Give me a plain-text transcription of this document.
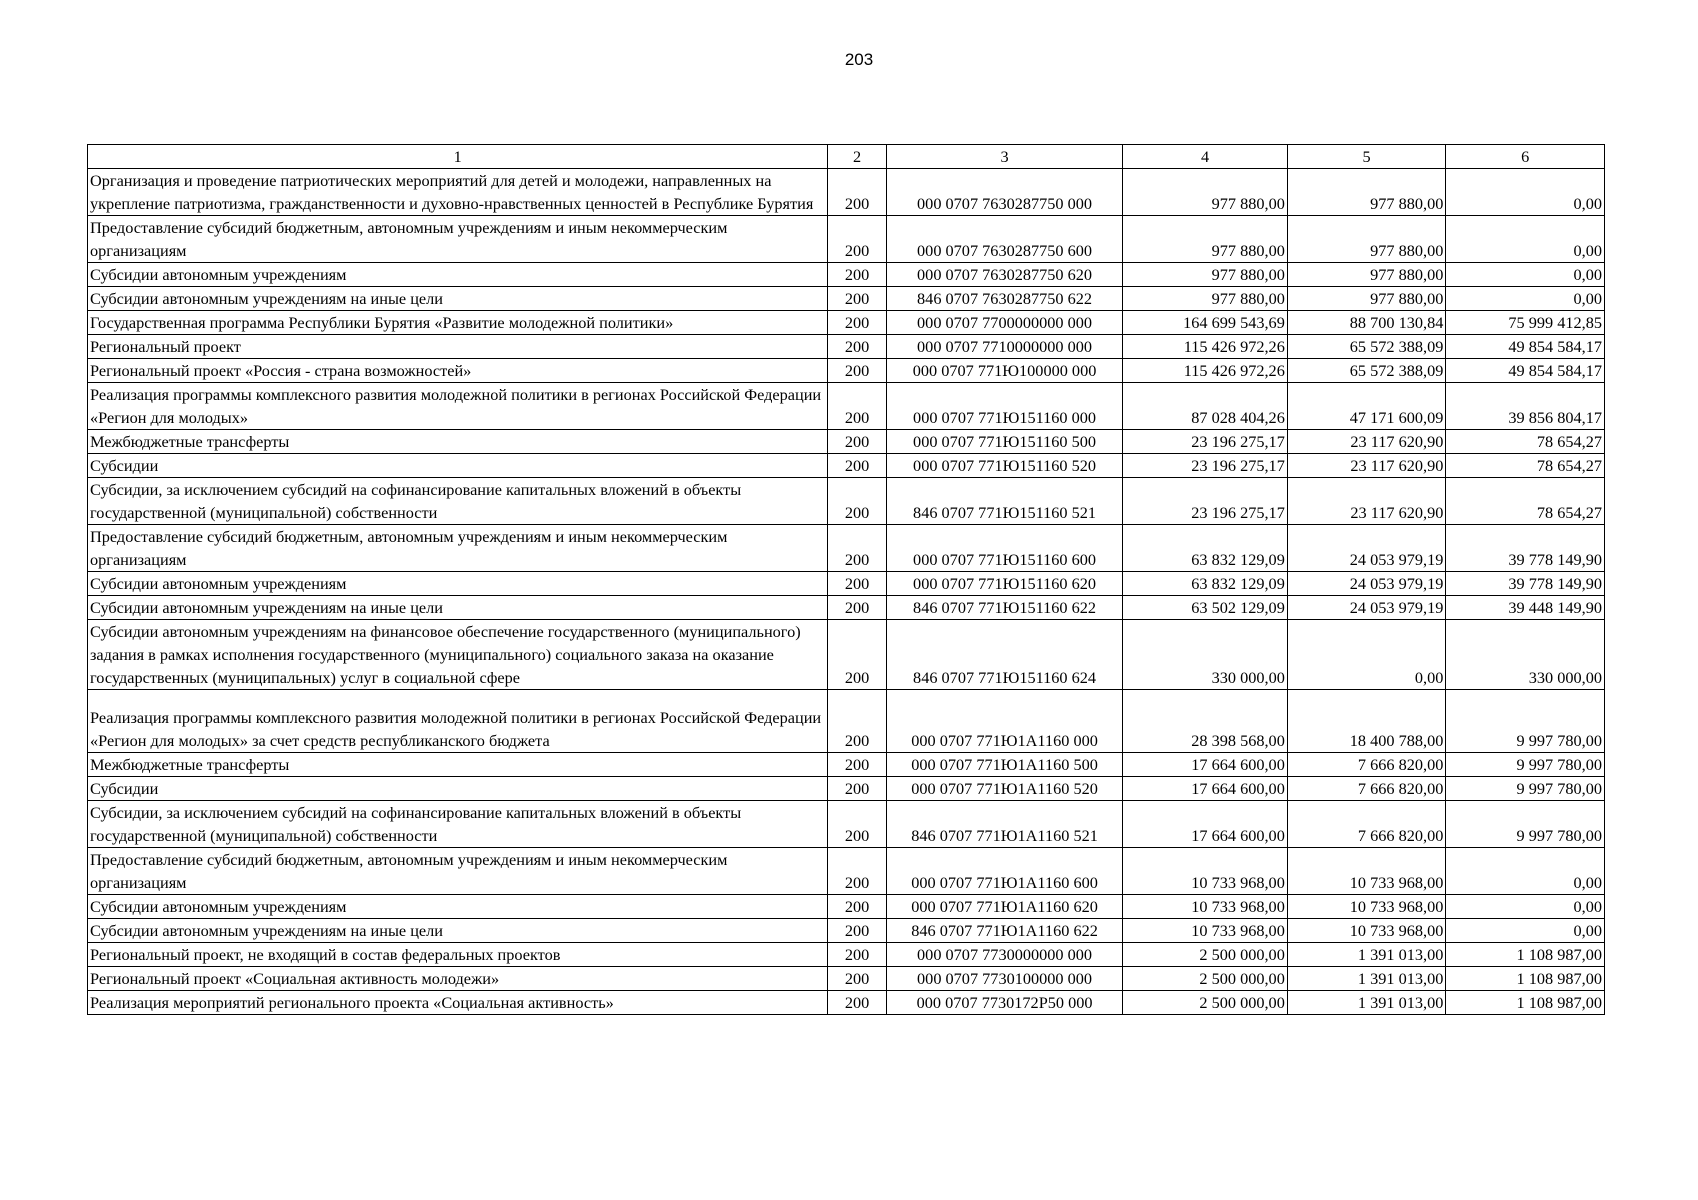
203
1	2	3	4	5	6
Организация и проведение патриотических мероприятий для детей и молодежи, направленных на укрепление патриотизма, гражданственности и духовно-нравственных ценностей в Республике Бурятия	200	000 0707 7630287750 000	977 880,00	977 880,00	0,00
Предоставление субсидий бюджетным, автономным учреждениям и иным некоммерческим организациям	200	000 0707 7630287750 600	977 880,00	977 880,00	0,00
Субсидии автономным учреждениям	200	000 0707 7630287750 620	977 880,00	977 880,00	0,00
Субсидии автономным учреждениям на иные цели	200	846 0707 7630287750 622	977 880,00	977 880,00	0,00
Государственная программа Республики Бурятия «Развитие молодежной политики»	200	000 0707 7700000000 000	164 699 543,69	88 700 130,84	75 999 412,85
Региональный проект	200	000 0707 7710000000 000	115 426 972,26	65 572 388,09	49 854 584,17
Региональный проект «Россия - страна возможностей»	200	000 0707 771Ю100000 000	115 426 972,26	65 572 388,09	49 854 584,17
Реализация программы комплексного развития молодежной политики в регионах Российской Федерации «Регион для молодых»	200	000 0707 771Ю151160 000	87 028 404,26	47 171 600,09	39 856 804,17
Межбюджетные трансферты	200	000 0707 771Ю151160 500	23 196 275,17	23 117 620,90	78 654,27
Субсидии	200	000 0707 771Ю151160 520	23 196 275,17	23 117 620,90	78 654,27
Субсидии, за исключением субсидий на софинансирование капитальных вложений в объекты государственной (муниципальной) собственности	200	846 0707 771Ю151160 521	23 196 275,17	23 117 620,90	78 654,27
Предоставление субсидий бюджетным, автономным учреждениям и иным некоммерческим организациям	200	000 0707 771Ю151160 600	63 832 129,09	24 053 979,19	39 778 149,90
Субсидии автономным учреждениям	200	000 0707 771Ю151160 620	63 832 129,09	24 053 979,19	39 778 149,90
Субсидии автономным учреждениям на иные цели	200	846 0707 771Ю151160 622	63 502 129,09	24 053 979,19	39 448 149,90
Субсидии автономным учреждениям на финансовое обеспечение государственного (муниципального) задания в рамках исполнения государственного (муниципального) социального заказа на оказание государственных (муниципальных) услуг в социальной сфере	200	846 0707 771Ю151160 624	330 000,00	0,00	330 000,00
Реализация программы комплексного развития молодежной политики в регионах Российской Федерации «Регион для молодых» за счет средств республиканского бюджета	200	000 0707 771Ю1А1160 000	28 398 568,00	18 400 788,00	9 997 780,00
Межбюджетные трансферты	200	000 0707 771Ю1А1160 500	17 664 600,00	7 666 820,00	9 997 780,00
Субсидии	200	000 0707 771Ю1А1160 520	17 664 600,00	7 666 820,00	9 997 780,00
Субсидии, за исключением субсидий на софинансирование капитальных вложений в объекты государственной (муниципальной) собственности	200	846 0707 771Ю1А1160 521	17 664 600,00	7 666 820,00	9 997 780,00
Предоставление субсидий бюджетным, автономным учреждениям и иным некоммерческим организациям	200	000 0707 771Ю1А1160 600	10 733 968,00	10 733 968,00	0,00
Субсидии автономным учреждениям	200	000 0707 771Ю1А1160 620	10 733 968,00	10 733 968,00	0,00
Субсидии автономным учреждениям на иные цели	200	846 0707 771Ю1А1160 622	10 733 968,00	10 733 968,00	0,00
Региональный проект, не входящий в состав федеральных проектов	200	000 0707 7730000000 000	2 500 000,00	1 391 013,00	1 108 987,00
Региональный проект «Социальная активность молодежи»	200	000 0707 7730100000 000	2 500 000,00	1 391 013,00	1 108 987,00
Реализация мероприятий регионального проекта «Социальная активность»	200	000 0707 7730172Р50 000	2 500 000,00	1 391 013,00	1 108 987,00
